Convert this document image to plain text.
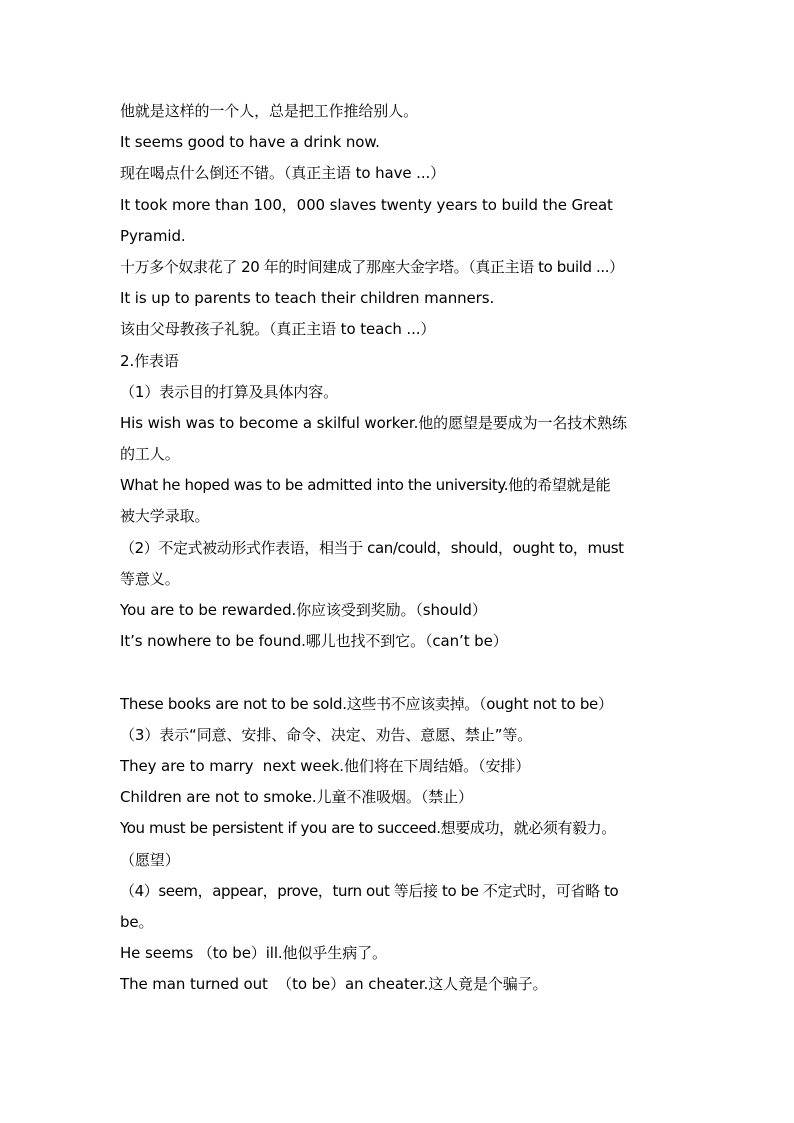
他就是这样的一个人，总是把工作推给别人。

It seems good to have a drink now.

现在喝点什么倒还不错。（真正主语 to have ...）

It took more than 100，000 slaves twenty years to build the Great

Pyramid.

十万多个奴隶花了 20 年的时间建成了那座大金字塔。（真正主语 to build ...）

It is up to parents to teach their children manners.

该由父母教孩子礼貌。（真正主语 to teach ...）

2.作表语

（1）表示目的打算及具体内容。

His wish was to become a skilful worker.他的愿望是要成为一名技术熟练

的工人。

What he hoped was to be admitted into the university.他的希望就是能

被大学录取。

（2）不定式被动形式作表语，相当于 can/could，should，ought to，must

等意义。

You are to be rewarded.你应该受到奖励。（should）

It’s nowhere to be found.哪儿也找不到它。（can’t be）

These books are not to be sold.这些书不应该卖掉。（ought not to be）

（3）表示“同意、安排、命令、决定、劝告、意愿、禁止”等。

They are to marry  next week.他们将在下周结婚。（安排）

Children are not to smoke.儿童不准吸烟。（禁止）

You must be persistent if you are to succeed.想要成功，就必须有毅力。

（愿望）

（4）seem，appear，prove，turn out 等后接 to be 不定式时，可省略 to

be。

He seems （to be）ill.他似乎生病了。

The man turned out  （to be）an cheater.这人竟是个骗子。
